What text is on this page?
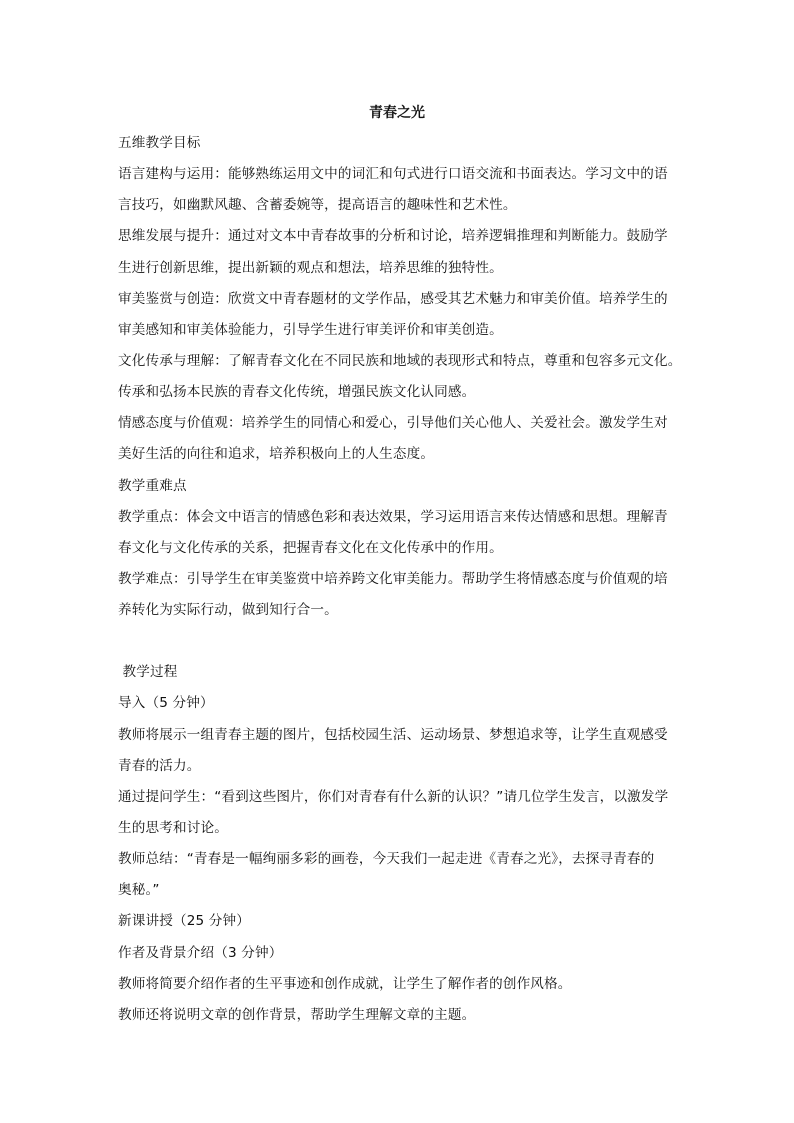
青春之光
五维教学目标
语言建构与运用：能够熟练运用文中的词汇和句式进行口语交流和书面表达。学习文中的语
言技巧，如幽默风趣、含蓄委婉等，提高语言的趣味性和艺术性。
思维发展与提升：通过对文本中青春故事的分析和讨论，培养逻辑推理和判断能力。鼓励学
生进行创新思维，提出新颖的观点和想法，培养思维的独特性。
审美鉴赏与创造：欣赏文中青春题材的文学作品，感受其艺术魅力和审美价值。培养学生的
审美感知和审美体验能力，引导学生进行审美评价和审美创造。
文化传承与理解：了解青春文化在不同民族和地域的表现形式和特点，尊重和包容多元文化。
传承和弘扬本民族的青春文化传统，增强民族文化认同感。
情感态度与价值观：培养学生的同情心和爱心，引导他们关心他人、关爱社会。激发学生对
美好生活的向往和追求，培养积极向上的人生态度。
教学重难点
教学重点：体会文中语言的情感色彩和表达效果，学习运用语言来传达情感和思想。理解青
春文化与文化传承的关系，把握青春文化在文化传承中的作用。
教学难点：引导学生在审美鉴赏中培养跨文化审美能力。帮助学生将情感态度与价值观的培
养转化为实际行动，做到知行合一。
教学过程
导入（5 分钟）
教师将展示一组青春主题的图片，包括校园生活、运动场景、梦想追求等，让学生直观感受
青春的活力。
通过提问学生：“看到这些图片，你们对青春有什么新的认识？”请几位学生发言，以激发学
生的思考和讨论。
教师总结：“青春是一幅绚丽多彩的画卷，今天我们一起走进《青春之光》，去探寻青春的
奥秘。”
新课讲授（25 分钟）
作者及背景介绍（3 分钟）
教师将简要介绍作者的生平事迹和创作成就，让学生了解作者的创作风格。
教师还将说明文章的创作背景，帮助学生理解文章的主题。
